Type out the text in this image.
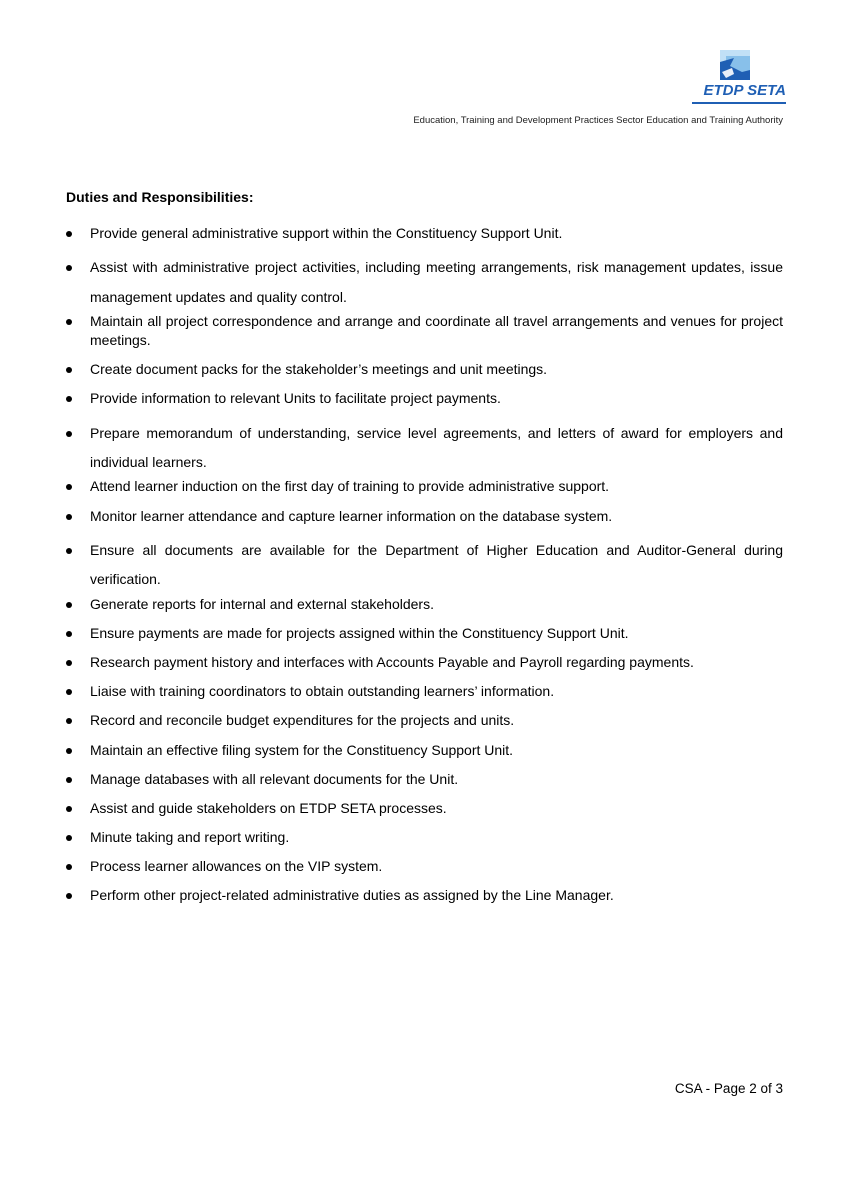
ETDP SETA
Education, Training and Development Practices Sector Education and Training Authority
Duties and Responsibilities:
Provide general administrative support within the Constituency Support Unit.
Assist with administrative project activities, including meeting arrangements, risk management updates, issue management updates and quality control.
Maintain all project correspondence and arrange and coordinate all travel arrangements and venues for project meetings.
Create document packs for the stakeholder’s meetings and unit meetings.
Provide information to relevant Units to facilitate project payments.
Prepare memorandum of understanding, service level agreements, and letters of award for employers and individual learners.
Attend learner induction on the first day of training to provide administrative support.
Monitor learner attendance and capture learner information on the database system.
Ensure all documents are available for the Department of Higher Education and Auditor-General during verification.
Generate reports for internal and external stakeholders.
Ensure payments are made for projects assigned within the Constituency Support Unit.
Research payment history and interfaces with Accounts Payable and Payroll regarding payments.
Liaise with training coordinators to obtain outstanding learners’ information.
Record and reconcile budget expenditures for the projects and units.
Maintain an effective filing system for the Constituency Support Unit.
Manage databases with all relevant documents for the Unit.
Assist and guide stakeholders on ETDP SETA processes.
Minute taking and report writing.
Process learner allowances on the VIP system.
Perform other project-related administrative duties as assigned by the Line Manager.
CSA - Page 2 of 3
